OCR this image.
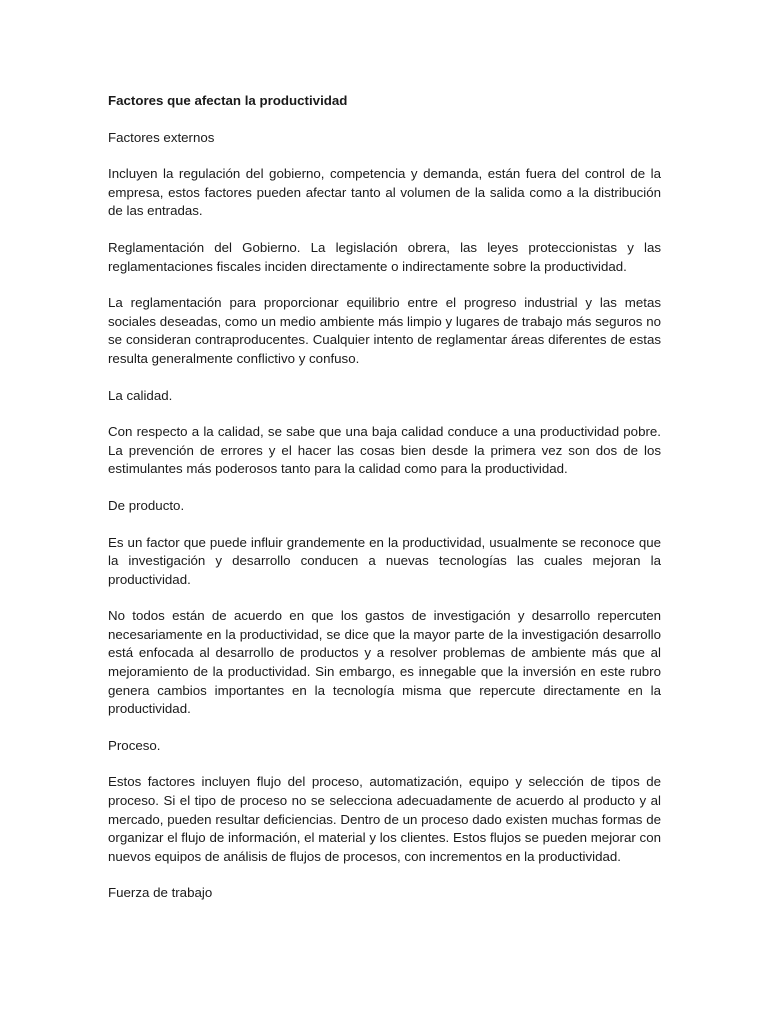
Factores que afectan la productividad

Factores externos

Incluyen la regulación del gobierno, competencia y demanda, están fuera del control de la empresa, estos factores pueden afectar tanto al volumen de la salida como a la distribución de las entradas.

Reglamentación del Gobierno. La legislación obrera, las leyes proteccionistas y las reglamentaciones fiscales inciden directamente o indirectamente sobre la productividad.

La reglamentación para proporcionar equilibrio entre el progreso industrial y las metas sociales deseadas, como un medio ambiente más limpio y lugares de trabajo más seguros no se consideran contraproducentes. Cualquier intento de reglamentar áreas diferentes de estas resulta generalmente conflictivo y confuso.

La calidad.

Con respecto a la calidad, se sabe que una baja calidad conduce a una productividad pobre. La prevención de errores y el hacer las cosas bien desde la primera vez son dos de los estimulantes más poderosos tanto para la calidad como para la productividad.

De producto.

Es un factor que puede influir grandemente en la productividad, usualmente se reconoce que la investigación y desarrollo conducen a nuevas tecnologías las cuales mejoran la productividad.

No todos están de acuerdo en que los gastos de investigación y desarrollo repercuten necesariamente en la productividad, se dice que la mayor parte de la investigación desarrollo está enfocada al desarrollo de productos y a resolver problemas de ambiente más que al mejoramiento de la productividad. Sin embargo, es innegable que la inversión en este rubro genera cambios importantes en la tecnología misma que repercute directamente en la productividad.

Proceso.

Estos factores incluyen flujo del proceso, automatización, equipo y selección de tipos de proceso. Si el tipo de proceso no se selecciona adecuadamente de acuerdo al producto y al mercado, pueden resultar deficiencias. Dentro de un proceso dado existen muchas formas de organizar el flujo de información, el material y los clientes. Estos flujos se pueden mejorar con nuevos equipos de análisis de flujos de procesos, con incrementos en la productividad.

Fuerza de trabajo
